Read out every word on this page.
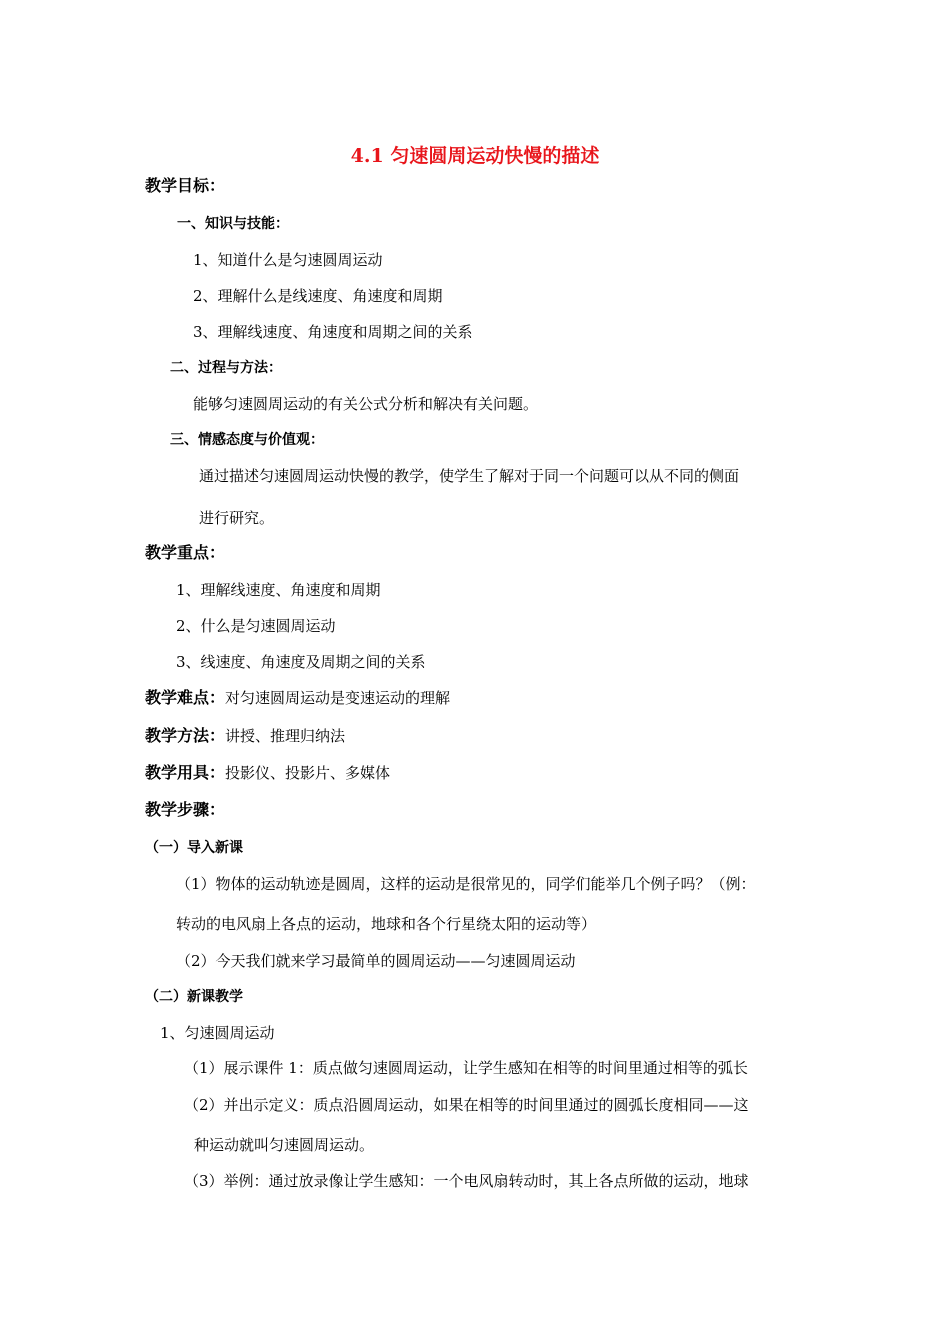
4.1 匀速圆周运动快慢的描述
教学目标：
一、知识与技能：
1、知道什么是匀速圆周运动
2、理解什么是线速度、角速度和周期
3、理解线速度、角速度和周期之间的关系
二、过程与方法：
能够匀速圆周运动的有关公式分析和解决有关问题。
三、情感态度与价值观：
通过描述匀速圆周运动快慢的教学，使学生了解对于同一个问题可以从不同的侧面
进行研究。
教学重点：
1、理解线速度、角速度和周期
2、什么是匀速圆周运动
3、线速度、角速度及周期之间的关系
教学难点：对匀速圆周运动是变速运动的理解
教学方法：讲授、推理归纳法
教学用具：投影仪、投影片、多媒体
教学步骤：
（一）导入新课
（1）物体的运动轨迹是圆周，这样的运动是很常见的，同学们能举几个例子吗？（例：
转动的电风扇上各点的运动，地球和各个行星绕太阳的运动等）
（2）今天我们就来学习最简单的圆周运动——匀速圆周运动
（二）新课教学
1、匀速圆周运动
（1）展示课件 1：质点做匀速圆周运动，让学生感知在相等的时间里通过相等的弧长
（2）并出示定义：质点沿圆周运动，如果在相等的时间里通过的圆弧长度相同——这
种运动就叫匀速圆周运动。
（3）举例：通过放录像让学生感知：一个电风扇转动时，其上各点所做的运动，地球
